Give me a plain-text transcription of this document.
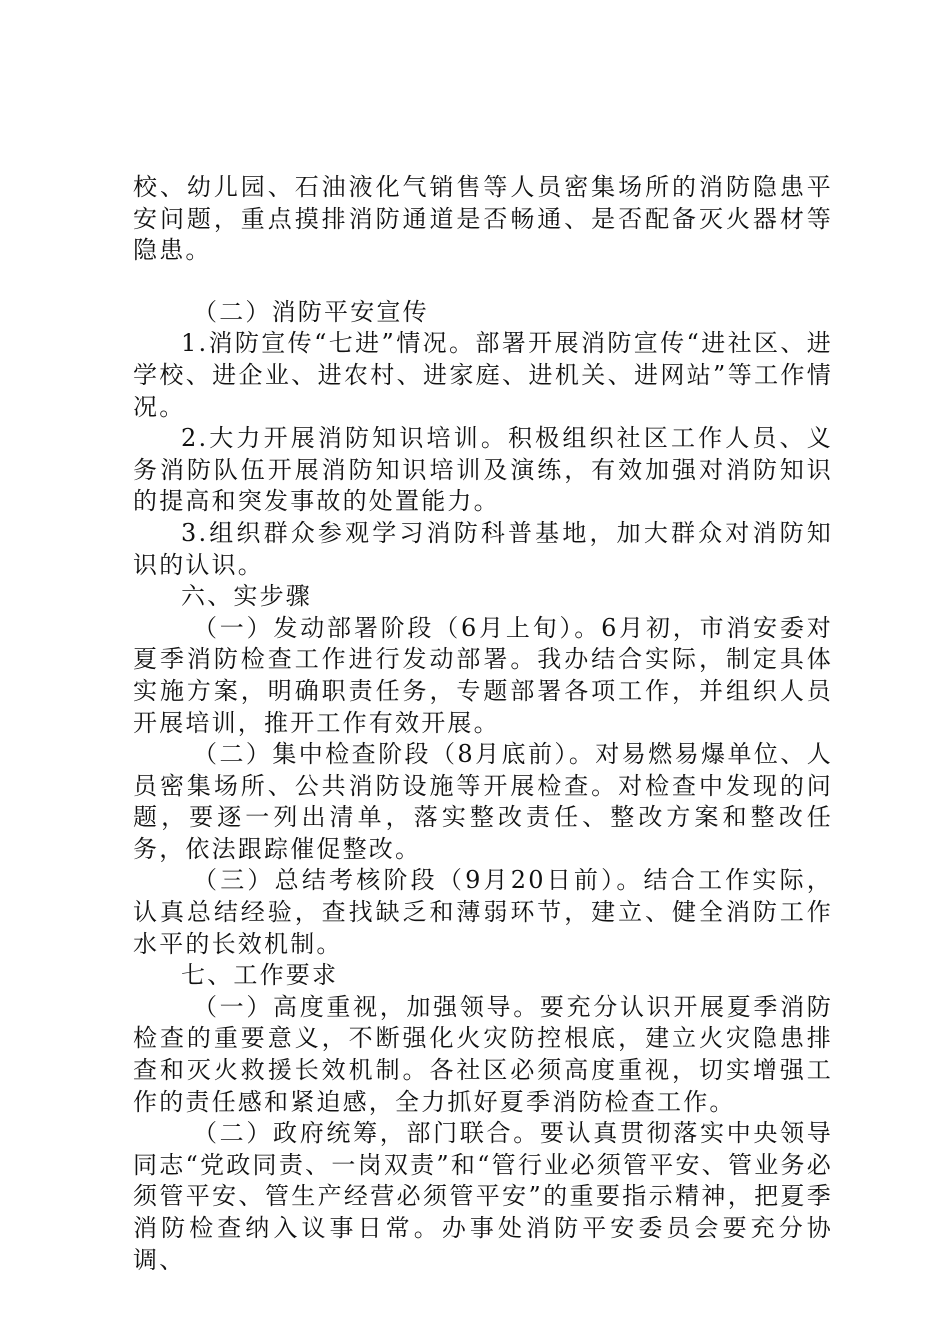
校、幼儿园、石油液化气销售等人员密集场所的消防隐患平安问题，重点摸排消防通道是否畅通、是否配备灭火器材等隐患。

（二）消防平安宣传

1.消防宣传“七进”情况。部署开展消防宣传“进社区、进学校、进企业、进农村、进家庭、进机关、进网站”等工作情况。

2.大力开展消防知识培训。积极组织社区工作人员、义务消防队伍开展消防知识培训及演练，有效加强对消防知识的提高和突发事故的处置能力。

3.组织群众参观学习消防科普基地，加大群众对消防知识的认识。

六、实步骤

（一）发动部署阶段（6月上旬）。6月初，市消安委对夏季消防检查工作进行发动部署。我办结合实际，制定具体实施方案，明确职责任务，专题部署各项工作，并组织人员开展培训，推开工作有效开展。

（二）集中检查阶段（8月底前）。对易燃易爆单位、人员密集场所、公共消防设施等开展检查。对检查中发现的问题，要逐一列出清单，落实整改责任、整改方案和整改任务，依法跟踪催促整改。

（三）总结考核阶段（9月20日前）。结合工作实际，认真总结经验，查找缺乏和薄弱环节，建立、健全消防工作水平的长效机制。

七、工作要求

（一）高度重视，加强领导。要充分认识开展夏季消防检查的重要意义，不断强化火灾防控根底，建立火灾隐患排查和灭火救援长效机制。各社区必须高度重视，切实增强工作的责任感和紧迫感，全力抓好夏季消防检查工作。

（二）政府统筹，部门联合。要认真贯彻落实中央领导同志“党政同责、一岗双责”和“管行业必须管平安、管业务必须管平安、管生产经营必须管平安”的重要指示精神，把夏季消防检查纳入议事日常。办事处消防平安委员会要充分协调、
